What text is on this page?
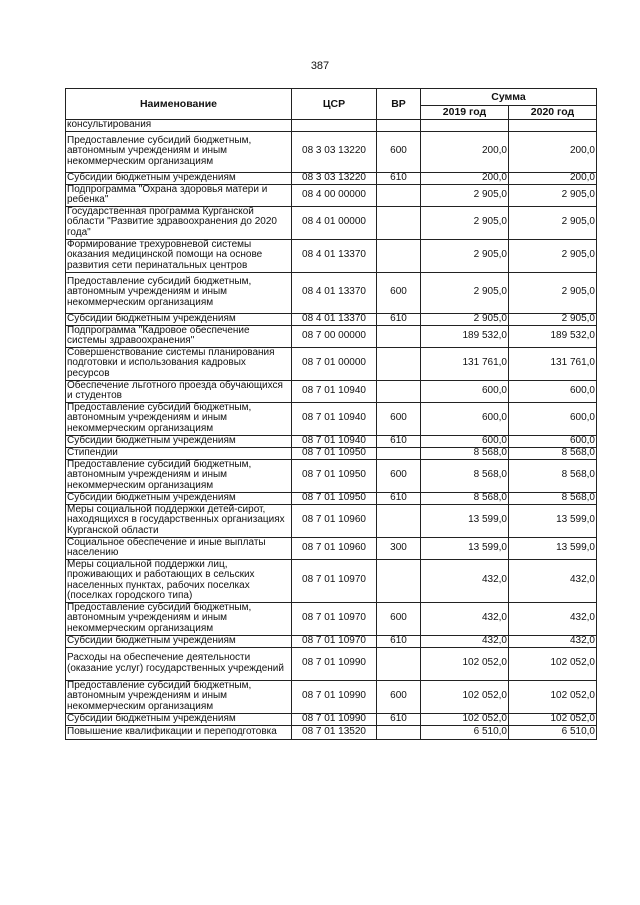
387
Наименование	ЦСР	ВР	Сумма	
			2019 год	2020 год
консультирования				
Предоставление субсидий бюджетным, автономным учреждениям и иным некоммерческим организациям	08 3 03 13220	600	200,0	200,0
Субсидии бюджетным учреждениям	08 3 03 13220	610	200,0	200,0
Подпрограмма "Охрана здоровья матери и ребенка"	08 4 00 00000		2 905,0	2 905,0
Государственная программа Курганской области "Развитие здравоохранения до 2020 года"	08 4 01 00000		2 905,0	2 905,0
Формирование трехуровневой системы оказания медицинской помощи на основе развития сети перинатальных центров	08 4 01 13370		2 905,0	2 905,0
Предоставление субсидий бюджетным, автономным учреждениям и иным некоммерческим организациям	08 4 01 13370	600	2 905,0	2 905,0
Субсидии бюджетным учреждениям	08 4 01 13370	610	2 905,0	2 905,0
Подпрограмма "Кадровое обеспечение системы здравоохранения"	08 7 00 00000		189 532,0	189 532,0
Совершенствование системы планирования подготовки и использования кадровых ресурсов	08 7 01 00000		131 761,0	131 761,0
Обеспечение льготного проезда обучающихся и студентов	08 7 01 10940		600,0	600,0
Предоставление субсидий бюджетным, автономным учреждениям и иным некоммерческим организациям	08 7 01 10940	600	600,0	600,0
Субсидии бюджетным учреждениям	08 7 01 10940	610	600,0	600,0
Стипендии	08 7 01 10950		8 568,0	8 568,0
Предоставление субсидий бюджетным, автономным учреждениям и иным некоммерческим организациям	08 7 01 10950	600	8 568,0	8 568,0
Субсидии бюджетным учреждениям	08 7 01 10950	610	8 568,0	8 568,0
Меры социальной поддержки детей-сирот, находящихся в государственных организациях Курганской области	08 7 01 10960		13 599,0	13 599,0
Социальное обеспечение и иные выплаты населению	08 7 01 10960	300	13 599,0	13 599,0
Меры социальной поддержки лиц, проживающих и работающих в сельских населенных пунктах, рабочих поселках (поселках городского типа)	08 7 01 10970		432,0	432,0
Предоставление субсидий бюджетным, автономным учреждениям и иным некоммерческим организациям	08 7 01 10970	600	432,0	432,0
Субсидии бюджетным учреждениям	08 7 01 10970	610	432,0	432,0
Расходы на обеспечение деятельности (оказание услуг) государственных учреждений	08 7 01 10990		102 052,0	102 052,0
Предоставление субсидий бюджетным, автономным учреждениям и иным некоммерческим организациям	08 7 01 10990	600	102 052,0	102 052,0
Субсидии бюджетным учреждениям	08 7 01 10990	610	102 052,0	102 052,0
Повышение квалификации и переподготовка	08 7 01 13520		6 510,0	6 510,0
